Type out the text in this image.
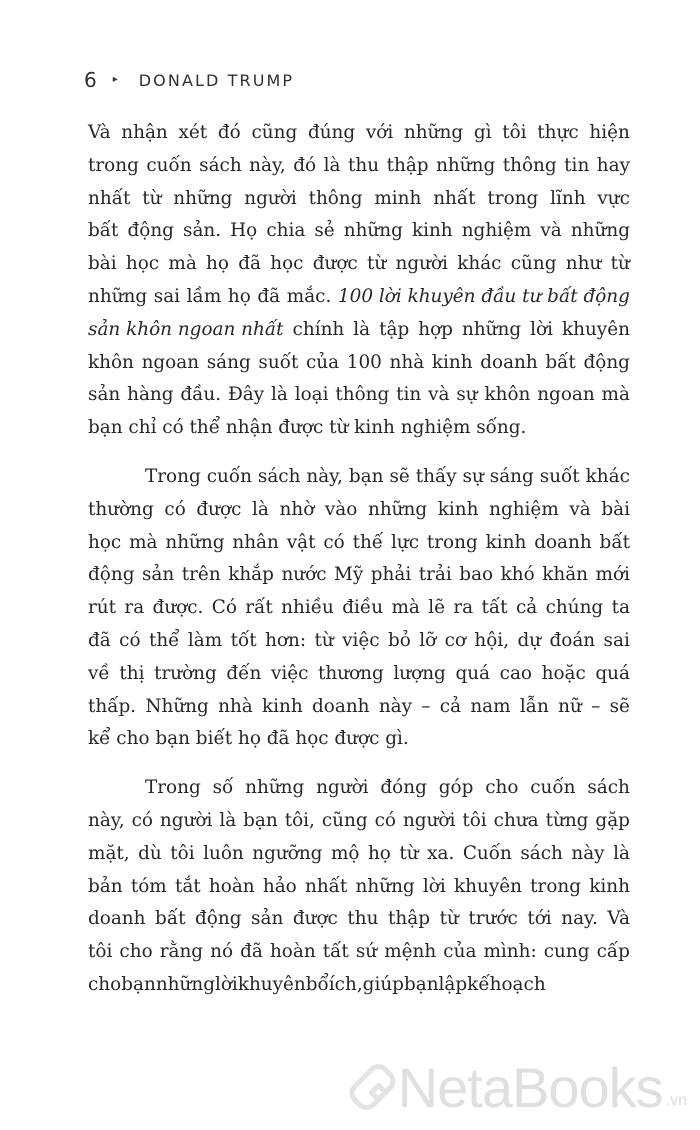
6 ▸ DONALD TRUMP
Và nhận xét đó cũng đúng với những gì tôi thực hiện
trong cuốn sách này, đó là thu thập những thông tin hay
nhất từ những người thông minh nhất trong lĩnh vực
bất động sản. Họ chia sẻ những kinh nghiệm và những
bài học mà họ đã học được từ người khác cũng như từ
những sai lầm họ đã mắc. 100 lời khuyên đầu tư bất động
sản khôn ngoan nhất chính là tập hợp những lời khuyên
khôn ngoan sáng suốt của 100 nhà kinh doanh bất động
sản hàng đầu. Đây là loại thông tin và sự khôn ngoan mà
bạn chỉ có thể nhận được từ kinh nghiệm sống.
Trong cuốn sách này, bạn sẽ thấy sự sáng suốt khác
thường có được là nhờ vào những kinh nghiệm và bài
học mà những nhân vật có thế lực trong kinh doanh bất
động sản trên khắp nước Mỹ phải trải bao khó khăn mới
rút ra được. Có rất nhiều điều mà lẽ ra tất cả chúng ta
đã có thể làm tốt hơn: từ việc bỏ lỡ cơ hội, dự đoán sai
về thị trường đến việc thương lượng quá cao hoặc quá
thấp. Những nhà kinh doanh này – cả nam lẫn nữ – sẽ
kể cho bạn biết họ đã học được gì.
Trong số những người đóng góp cho cuốn sách
này, có người là bạn tôi, cũng có người tôi chưa từng gặp
mặt, dù tôi luôn ngưỡng mộ họ từ xa. Cuốn sách này là
bản tóm tắt hoàn hảo nhất những lời khuyên trong kinh
doanh bất động sản được thu thập từ trước tới nay. Và
tôi cho rằng nó đã hoàn tất sứ mệnh của mình: cung cấp
cho bạn những lời khuyên bổ ích, giúp bạn lập kế hoạch
NetaBooks .vn
